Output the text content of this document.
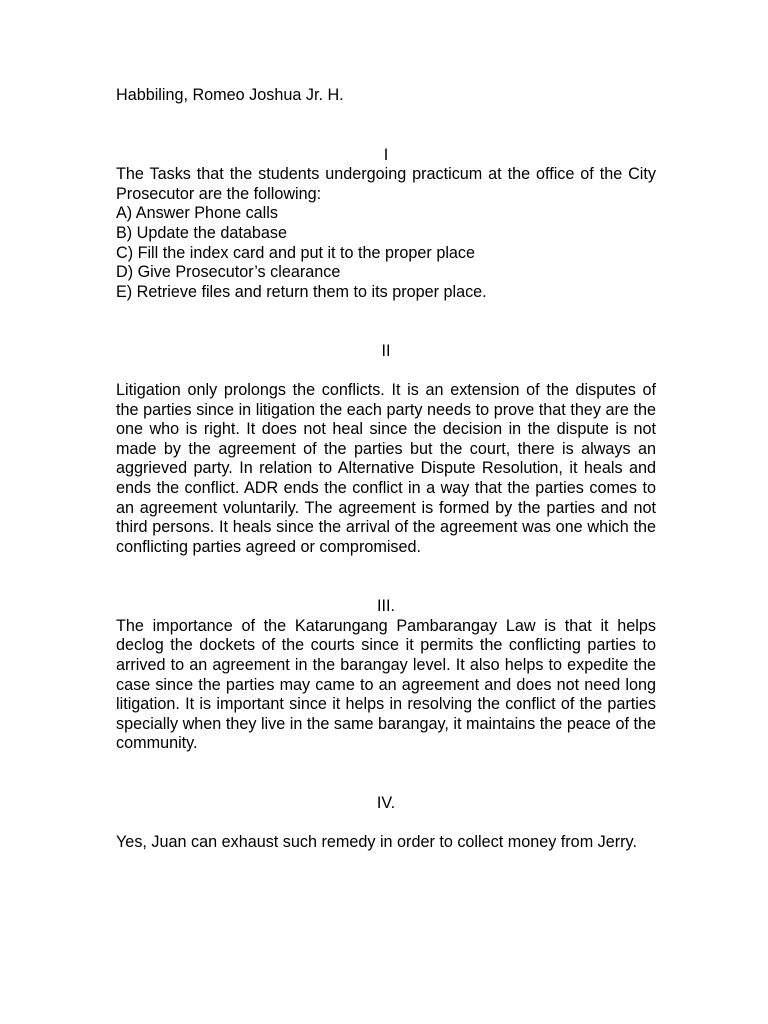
Habbiling, Romeo Joshua Jr. H.

I

The Tasks that the students undergoing practicum at the office of the City Prosecutor are the following:

A) Answer Phone calls
B) Update the database
C) Fill the index card and put it to the proper place
D) Give Prosecutor’s clearance
E) Retrieve files and return them to its proper place.

II

Litigation only prolongs the conflicts. It is an extension of the disputes of the parties since in litigation the each party needs to prove that they are the one who is right. It does not heal since the decision in the dispute is not made by the agreement of the parties but the court, there is always an aggrieved party. In relation to Alternative Dispute Resolution, it heals and ends the conflict. ADR ends the conflict in a way that the parties comes to an agreement voluntarily. The agreement is formed by the parties and not third persons. It heals since the arrival of the agreement was one which the conflicting parties agreed or compromised.

III.

The importance of the Katarungang Pambarangay Law is that it helps declog the dockets of the courts since it permits the conflicting parties to arrived to an agreement in the barangay level. It also helps to expedite the case since the parties may came to an agreement and does not need long litigation. It is important since it helps in resolving the conflict of the parties specially when they live in the same barangay, it maintains the peace of the community.

IV.

Yes, Juan can exhaust such remedy in order to collect money from Jerry.
